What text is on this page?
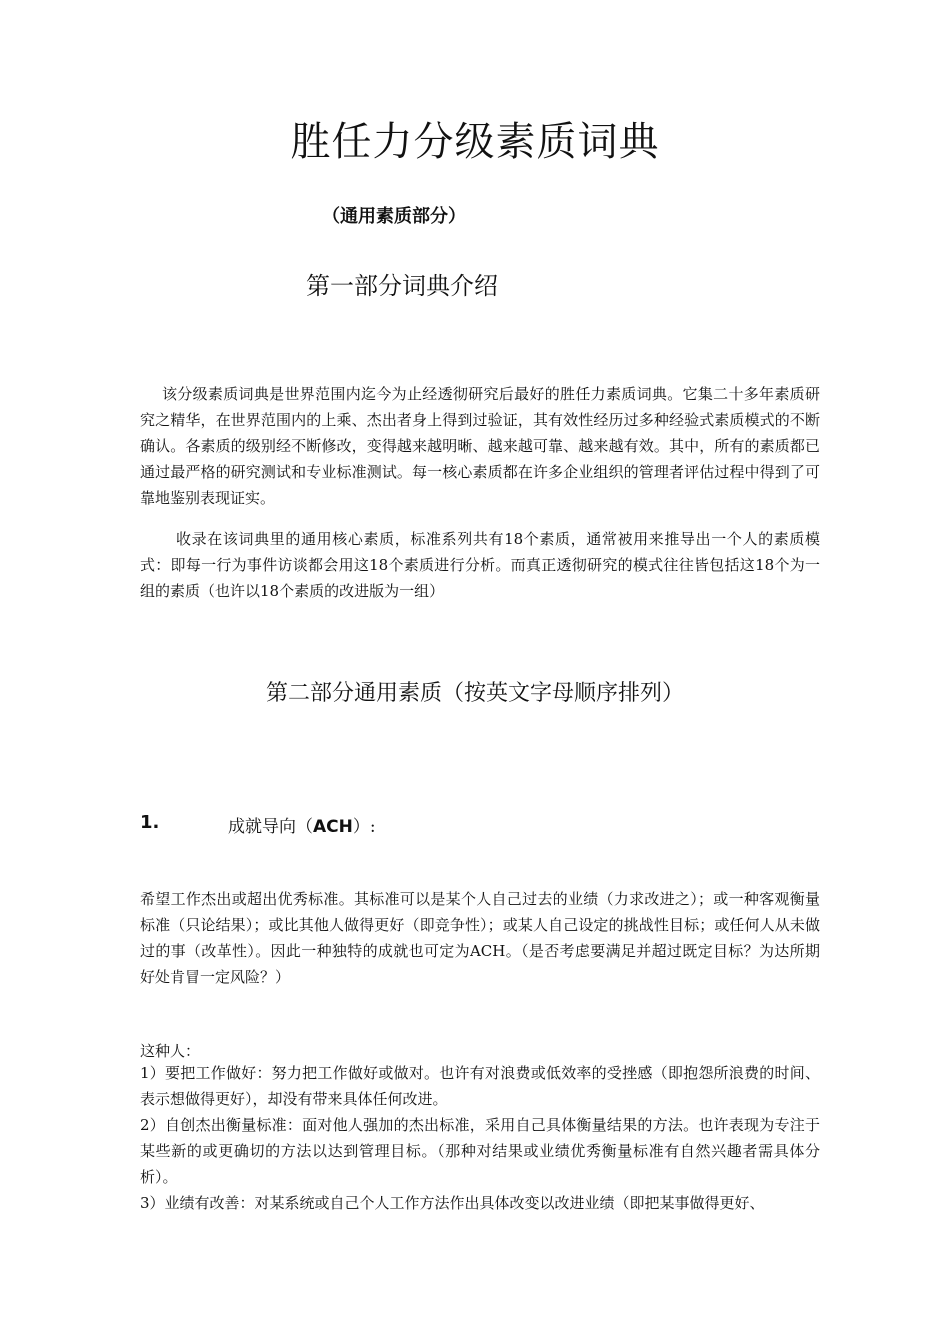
胜任力分级素质词典
（通用素质部分）
第一部分词典介绍

该分级素质词典是世界范围内迄今为止经透彻研究后最好的胜任力素质词典。它集二十多年素质研究之精华，在世界范围内的上乘、杰出者身上得到过验证，其有效性经历过多种经验式素质模式的不断确认。各素质的级别经不断修改，变得越来越明晰、越来越可靠、越来越有效。其中，所有的素质都已通过最严格的研究测试和专业标准测试。每一核心素质都在许多企业组织的管理者评估过程中得到了可靠地鉴别表现证实。

收录在该词典里的通用核心素质，标准系列共有18个素质，通常被用来推导出一个人的素质模式：即每一行为事件访谈都会用这18个素质进行分析。而真正透彻研究的模式往往皆包括这18个为一组的素质（也许以18个素质的改进版为一组）

第二部分通用素质（按英文字母顺序排列）
1.	成就导向（ACH）:

希望工作杰出或超出优秀标准。其标准可以是某个人自己过去的业绩（力求改进之）；或一种客观衡量标准（只论结果）；或比其他人做得更好（即竞争性）；或某人自己设定的挑战性目标；或任何人从未做过的事（改革性）。因此一种独特的成就也可定为ACH。（是否考虑要满足并超过既定目标？为达所期好处肯冒一定风险？）

这种人：

1）要把工作做好：努力把工作做好或做对。也许有对浪费或低效率的受挫感（即抱怨所浪费的时间、表示想做得更好），却没有带来具体任何改进。

2）自创杰出衡量标准：面对他人强加的杰出标准，采用自己具体衡量结果的方法。也许表现为专注于某些新的或更确切的方法以达到管理目标。（那种对结果或业绩优秀衡量标准有自然兴趣者需具体分析）。

3）业绩有改善：对某系统或自己个人工作方法作出具体改变以改进业绩（即把某事做得更好、
